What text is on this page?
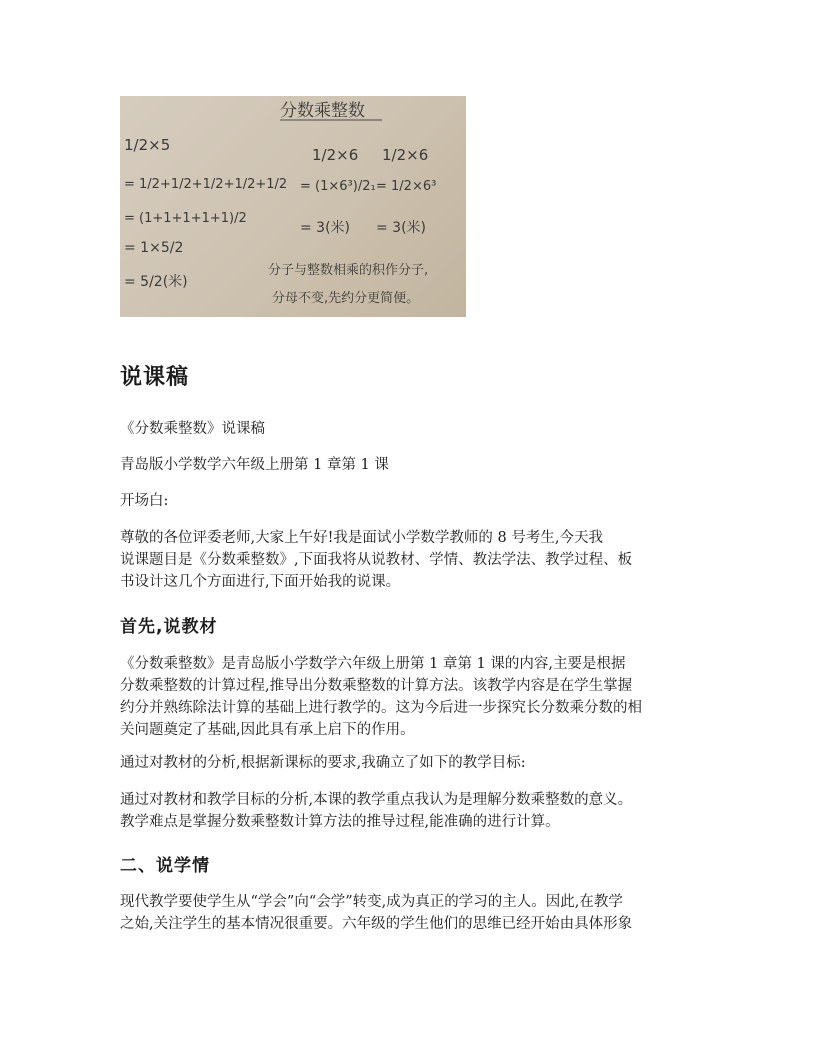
分数乘整数
1/2×5
= 1/2+1/2+1/2+1/2+1/2
= (1+1+1+1+1)/2
= 1×5/2
= 5/2(米)
1/2×6
= (1×6³)/2₁
= 3(米)
1/2×6
= 1/2×6³
= 3(米)
分子与整数相乘的积作分子,
分母不变,先约分更简便。
说课稿

《分数乘整数》说课稿

青岛版小学数学六年级上册第 1 章第 1 课

开场白:

尊敬的各位评委老师,大家上午好!我是面试小学数学教师的 8 号考生,今天我
说课题目是《分数乘整数》,下面我将从说教材、学情、教法学法、教学过程、板
书设计这几个方面进行,下面开始我的说课。

首先,说教材

《分数乘整数》是青岛版小学数学六年级上册第 1 章第 1 课的内容,主要是根据
分数乘整数的计算过程,推导出分数乘整数的计算方法。该教学内容是在学生掌握
约分并熟练除法计算的基础上进行教学的。这为今后进一步探究长分数乘分数的相
关问题奠定了基础,因此具有承上启下的作用。

通过对教材的分析,根据新课标的要求,我确立了如下的教学目标:

通过对教材和教学目标的分析,本课的教学重点我认为是理解分数乘整数的意义。
教学难点是掌握分数乘整数计算方法的推导过程,能准确的进行计算。

二、说学情

现代教学要使学生从“学会”向“会学”转变,成为真正的学习的主人。因此,在教学
之始,关注学生的基本情况很重要。六年级的学生他们的思维已经开始由具体形象
